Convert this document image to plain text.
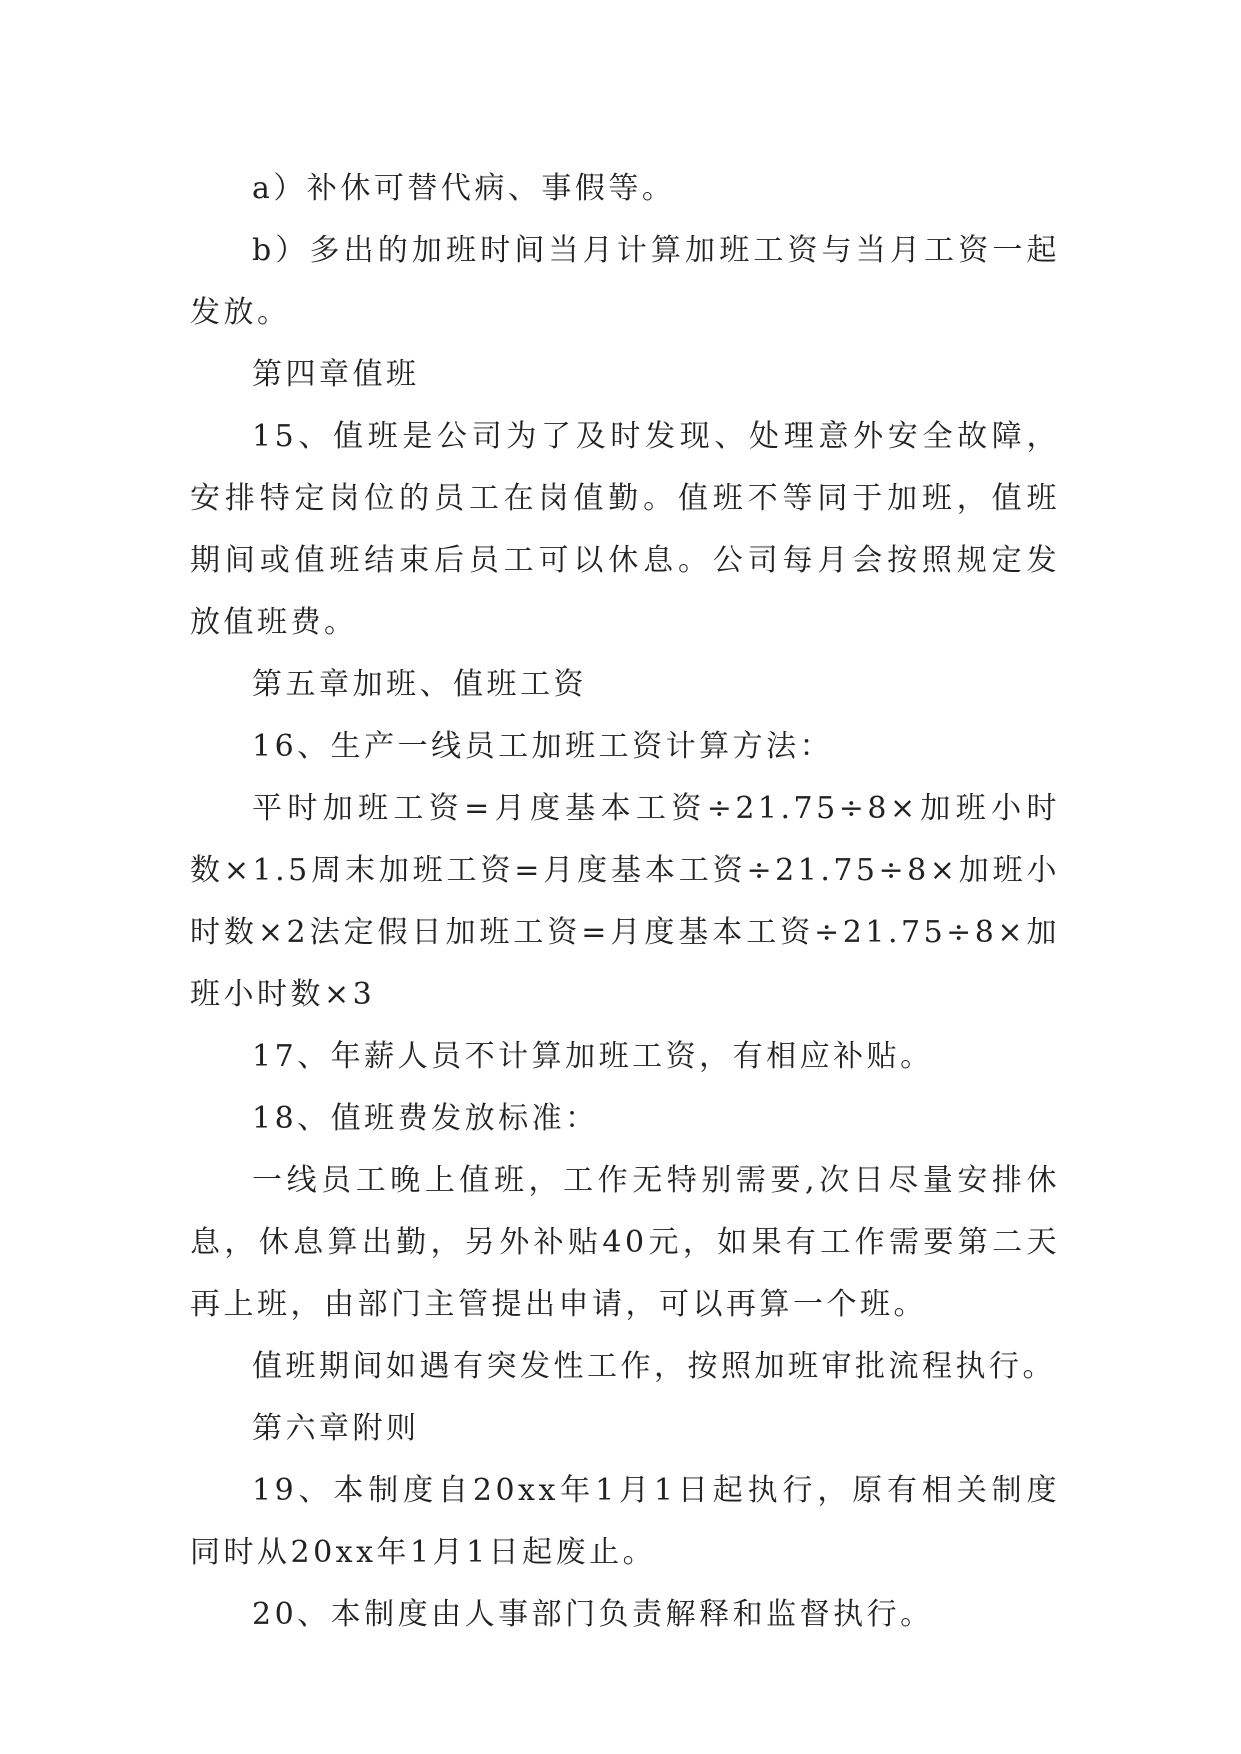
a）补休可替代病、事假等。

b）多出的加班时间当月计算加班工资与当月工资一起发放。

第四章值班

15、值班是公司为了及时发现、处理意外安全故障，安排特定岗位的员工在岗值勤。值班不等同于加班，值班期间或值班结束后员工可以休息。公司每月会按照规定发放值班费。

第五章加班、值班工资

16、生产一线员工加班工资计算方法：

平时加班工资=月度基本工资÷21.75÷8×加班小时数×1.5周末加班工资=月度基本工资÷21.75÷8×加班小时数×2法定假日加班工资=月度基本工资÷21.75÷8×加班小时数×3

17、年薪人员不计算加班工资，有相应补贴。

18、值班费发放标准：

一线员工晚上值班，工作无特别需要,次日尽量安排休息，休息算出勤，另外补贴40元，如果有工作需要第二天再上班，由部门主管提出申请，可以再算一个班。

值班期间如遇有突发性工作，按照加班审批流程执行。

第六章附则

19、本制度自20xx年1月1日起执行，原有相关制度同时从20xx年1月1日起废止。

20、本制度由人事部门负责解释和监督执行。
